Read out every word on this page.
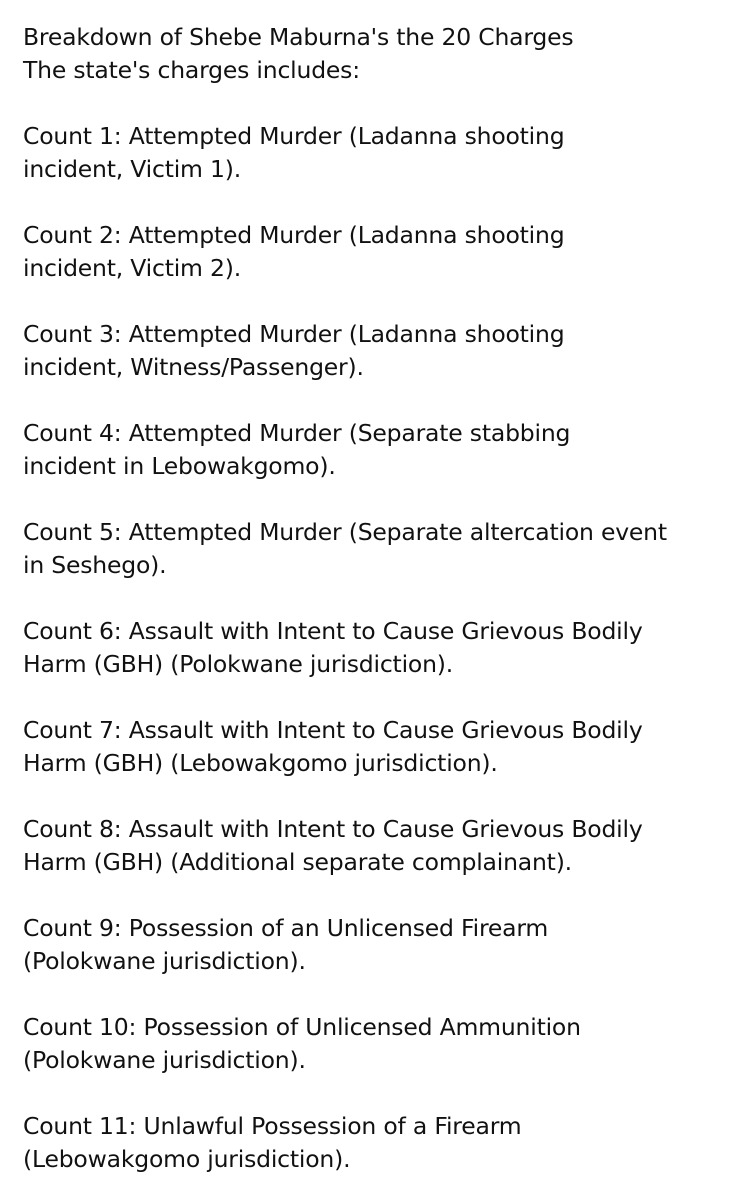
Breakdown of Shebe Maburna's the 20 Charges

The state's charges includes:

Count 1: Attempted Murder (Ladanna shooting

incident, Victim 1).

Count 2: Attempted Murder (Ladanna shooting

incident, Victim 2).

Count 3: Attempted Murder (Ladanna shooting

incident, Witness/Passenger).

Count 4: Attempted Murder (Separate stabbing

incident in Lebowakgomo).

Count 5: Attempted Murder (Separate altercation event

in Seshego).

Count 6: Assault with Intent to Cause Grievous Bodily

Harm (GBH) (Polokwane jurisdiction).

Count 7: Assault with Intent to Cause Grievous Bodily

Harm (GBH) (Lebowakgomo jurisdiction).

Count 8: Assault with Intent to Cause Grievous Bodily

Harm (GBH) (Additional separate complainant).

Count 9: Possession of an Unlicensed Firearm

(Polokwane jurisdiction).

Count 10: Possession of Unlicensed Ammunition

(Polokwane jurisdiction).

Count 11: Unlawful Possession of a Firearm

(Lebowakgomo jurisdiction).
